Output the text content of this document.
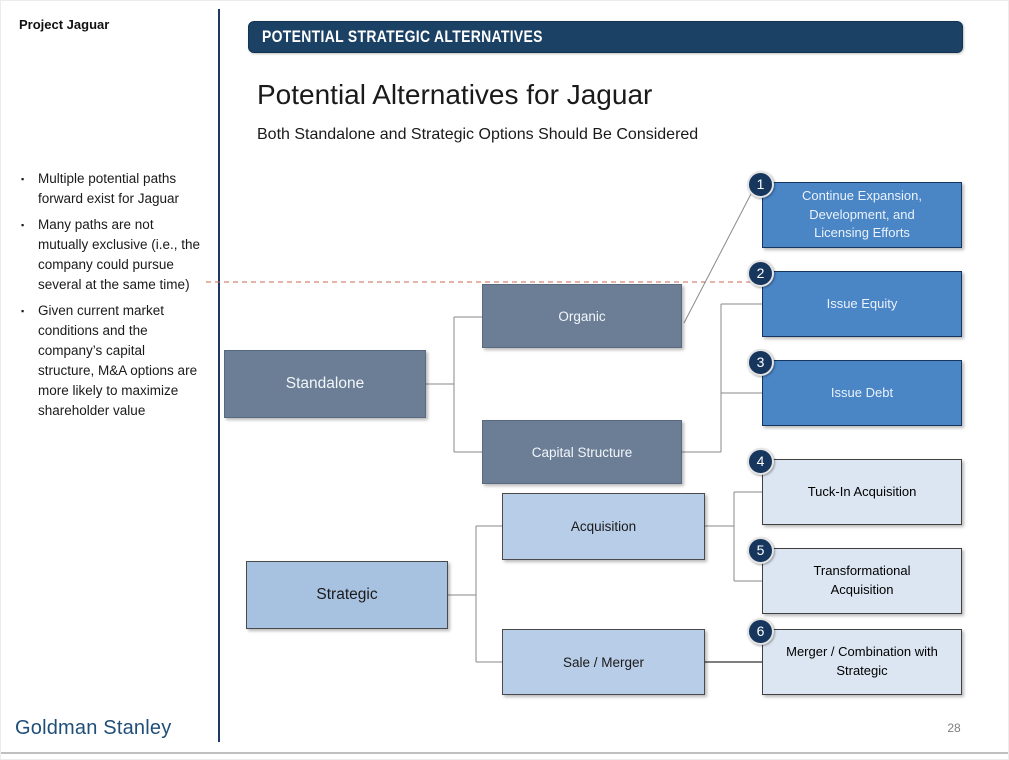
Project Jaguar
▪	Multiple potential paths forward exist for Jaguar
▪	Many paths are not mutually exclusive (i.e., the company could pursue several at the same time)
▪	Given current market conditions and the company’s capital structure, M&A options are more likely to maximize shareholder value
Goldman Stanley
POTENTIAL STRATEGIC ALTERNATIVES
Potential Alternatives for Jaguar
Both Standalone and Strategic Options Should Be Considered
Standalone
Organic
Capital Structure
Strategic
Acquisition
Sale / Merger
1
Continue Expansion, Development, and Licensing Efforts
2
Issue Equity
3
Issue Debt
4
Tuck-In Acquisition
5
Transformational Acquisition
6
Merger / Combination with Strategic
28
